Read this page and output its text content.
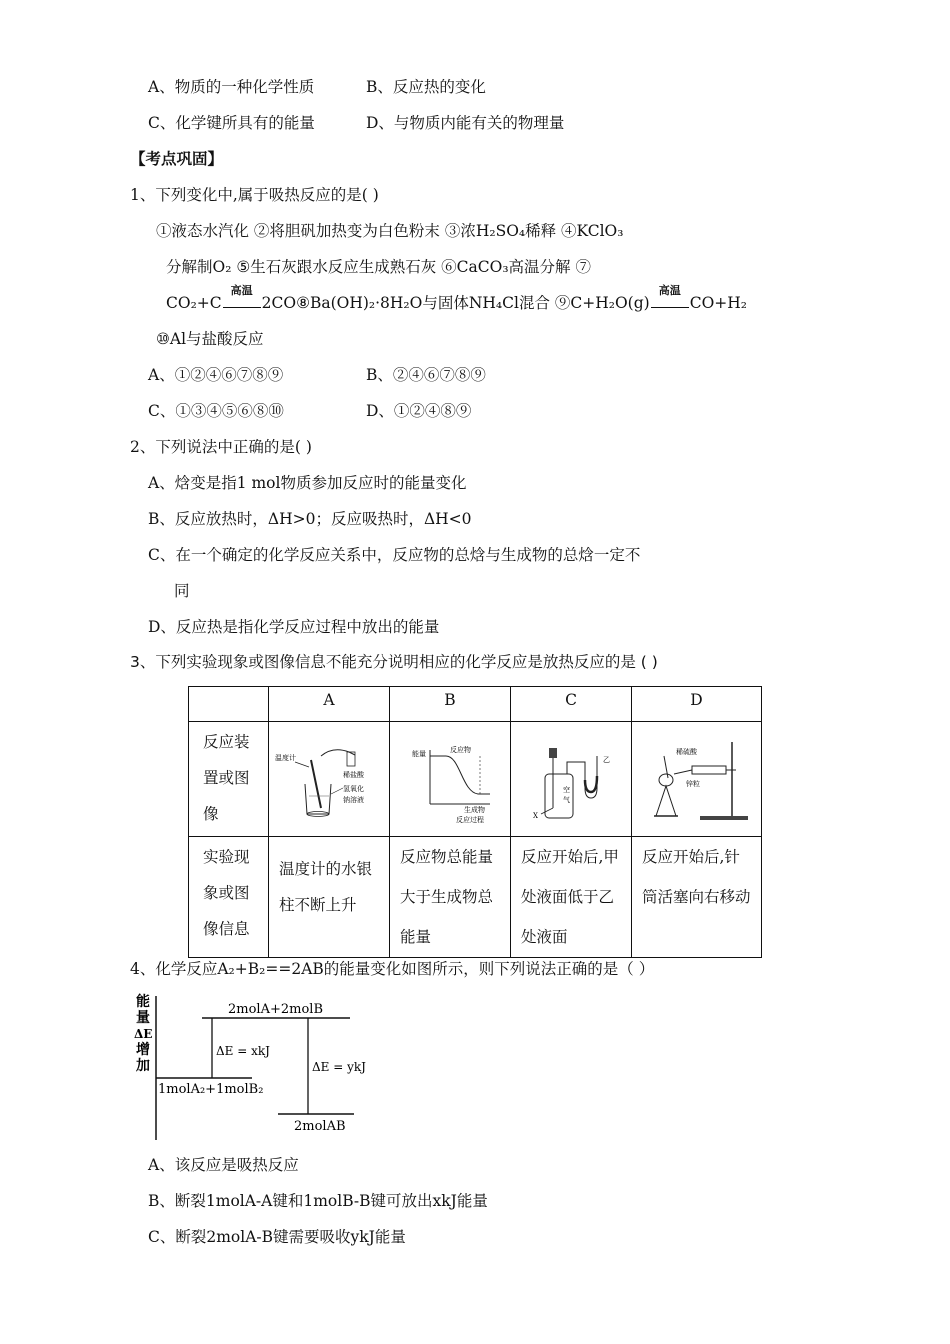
A、物质的一种化学性质	B、反应热的变化
C、化学键所具有的能量	D、与物质内能有关的物理量
【考点巩固】
1、下列变化中,属于吸热反应的是( )
①液态水汽化 ②将胆矾加热变为白色粉末 ③浓H₂SO₄稀释 ④KClO₃
分解制O₂ ⑤生石灰跟水反应生成熟石灰 ⑥CaCO₃高温分解 ⑦
CO₂+C
高温
2CO⑧Ba(OH)₂·8H₂O与固体NH₄Cl混合 ⑨C+H₂O(g)
高温
CO+H₂
⑩Al与盐酸反应
A、①②④⑥⑦⑧⑨	B、②④⑥⑦⑧⑨
C、①③④⑤⑥⑧⑩	D、①②④⑧⑨
2、下列说法中正确的是( )
A、焓变是指1 mol物质参加反应时的能量变化
B、反应放热时，ΔH>0；反应吸热时，ΔH<0
C、在一个确定的化学反应关系中，反应物的总焓与生成物的总焓一定不
同
D、反应热是指化学反应过程中放出的能量
3、下列实验现象或图像信息不能充分说明相应的化学反应是放热反应的是 ( )
	A	B	C	D

反应装置或图像	温度计
稀盐酸
氢氧化
钠溶液	能量 反应物
生成物
反应过程	X
空
气
乙	稀硫酸
锌粒

实验现象或图像信息	温度计的水银柱不断上升	反应物总能量大于生成物总能量	反应开始后,甲处液面低于乙处液面	反应开始后,针筒活塞向右移动
4、化学反应A₂+B₂==2AB的能量变化如图所示，则下列说法正确的是（ ）
能
量
ΔE
增
加
2molA+2molB
1molA₂+1molB₂
2molAB
ΔE = xkJ
ΔE = ykJ
A、该反应是吸热反应
B、断裂1molA-A键和1molB-B键可放出xkJ能量
C、断裂2molA-B键需要吸收ykJ能量
